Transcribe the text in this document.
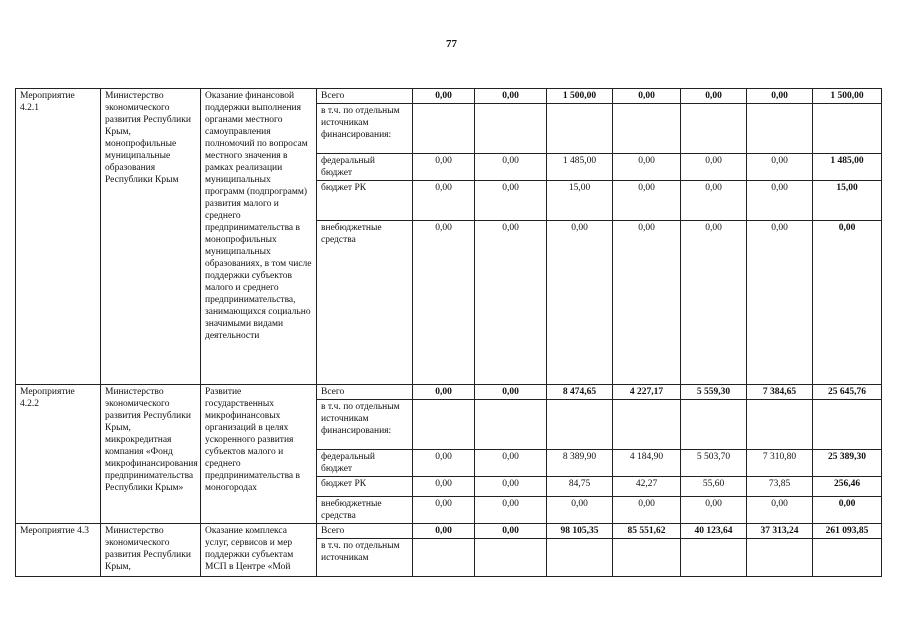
77
Мероприятие 4.2.1	Министерство экономического развития Республики Крым, монопрофильные муниципальные образования Республики Крым	Оказание финансовой поддержки выполнения органами местного самоуправления полномочий по вопросам местного значения в рамках реализации муниципальных программ (подпрограмм) развития малого и среднего предпринимательства в монопрофильных муниципальных образованиях, в том числе поддержки субъектов малого и среднего предпринимательства, занимающихся социально значимыми видами деятельности	Всего	0,00	0,00	1 500,00	0,00	0,00	0,00	1 500,00
			в т.ч. по отдельным источникам финансирования:							
			федеральный бюджет	0,00	0,00	1 485,00	0,00	0,00	0,00	1 485,00
			бюджет РК	0,00	0,00	15,00	0,00	0,00	0,00	15,00
			внебюджетные средства	0,00	0,00	0,00	0,00	0,00	0,00	0,00
Мероприятие 4.2.2	Министерство экономического развития Республики Крым, микрокредитная компания «Фонд микрофинансирования предпринимательства Республики Крым»	Развитие государственных микрофинансовых организаций в целях ускоренного развития субъектов малого и среднего предпринимательства в моногородах	Всего	0,00	0,00	8 474,65	4 227,17	5 559,30	7 384,65	25 645,76
			в т.ч. по отдельным источникам финансирования:							
			федеральный бюджет	0,00	0,00	8 389,90	4 184,90	5 503,70	7 310,80	25 389,30
			бюджет РК	0,00	0,00	84,75	42,27	55,60	73,85	256,46
			внебюджетные средства	0,00	0,00	0,00	0,00	0,00	0,00	0,00
Мероприятие 4.3	Министерство экономического развития Республики Крым,	Оказание комплекса услуг, сервисов и мер поддержки субъектам МСП в Центре «Мой	Всего	0,00	0,00	98 105,35	85 551,62	40 123,64	37 313,24	261 093,85
			в т.ч. по отдельным источникам							
